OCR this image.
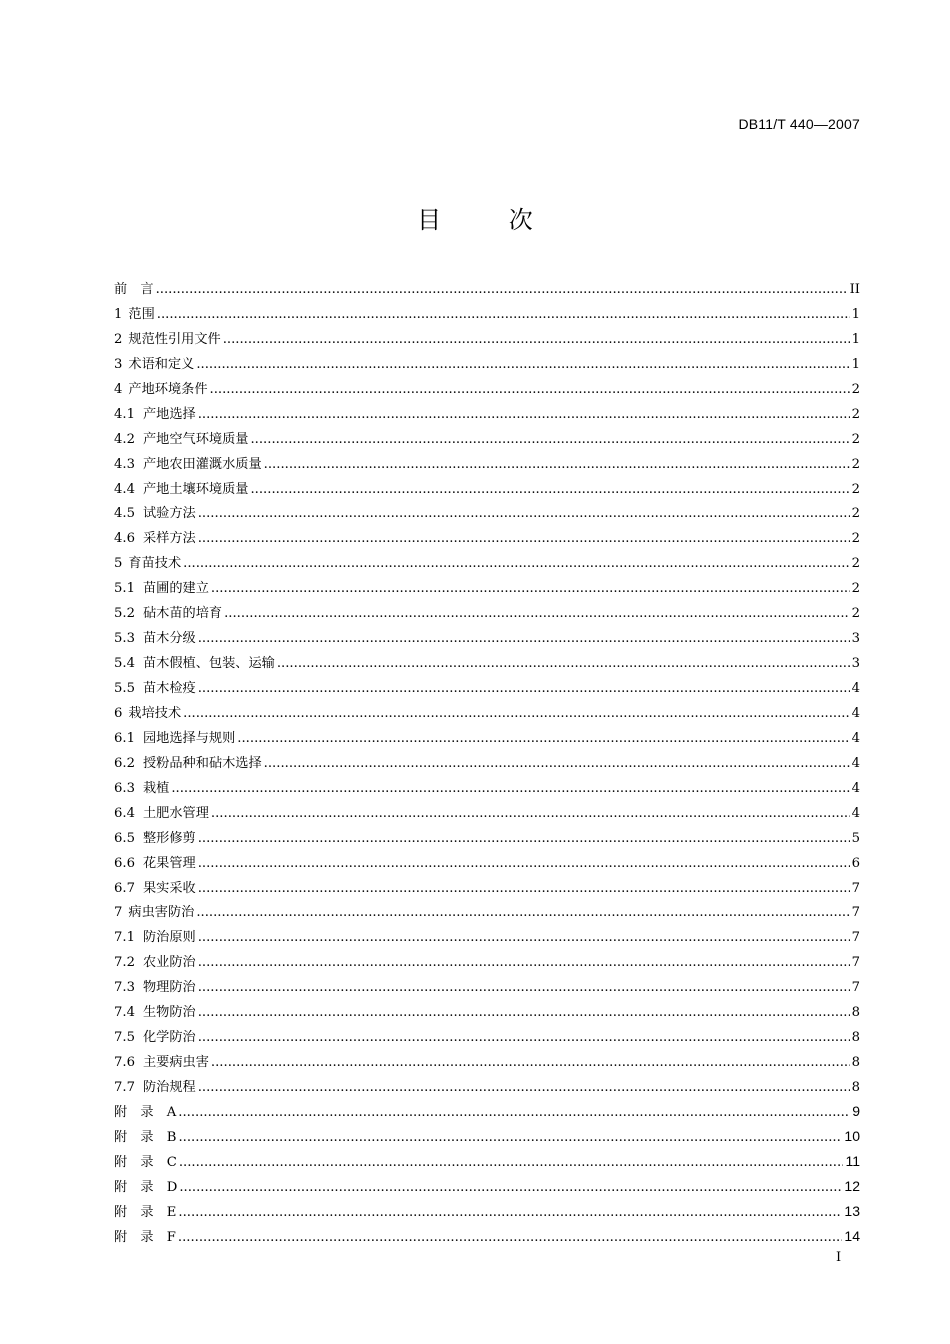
DB11/T 440—2007
目 次
前　言 .....	II
1 范围 .....	1
2 规范性引用文件 .....	1
3 术语和定义 .....	1
4 产地环境条件 .....	2
4.1 产地选择 .....	2
4.2 产地空气环境质量 .....	2
4.3 产地农田灌溉水质量 .....	2
4.4 产地土壤环境质量 .....	2
4.5 试验方法 .....	2
4.6 采样方法 .....	2
5 育苗技术 .....	2
5.1 苗圃的建立 .....	2
5.2 砧木苗的培育 .....	2
5.3 苗木分级 .....	3
5.4 苗木假植、包装、运输 .....	3
5.5 苗木检疫 .....	4
6 栽培技术 .....	4
6.1 园地选择与规则 .....	4
6.2 授粉品种和砧木选择 .....	4
6.3 栽植 .....	4
6.4 土肥水管理 .....	4
6.5 整形修剪 .....	5
6.6 花果管理 .....	6
6.7 果实采收 .....	7
7 病虫害防治 .....	7
7.1 防治原则 .....	7
7.2 农业防治 .....	7
7.3 物理防治 .....	7
7.4 生物防治 .....	8
7.5 化学防治 .....	8
7.6 主要病虫害 .....	8
7.7 防治规程 .....	8
附　录　A .....	9
附　录　B .....	10
附　录　C .....	11
附　录　D .....	12
附　录　E .....	13
附　录　F .....	14
I
